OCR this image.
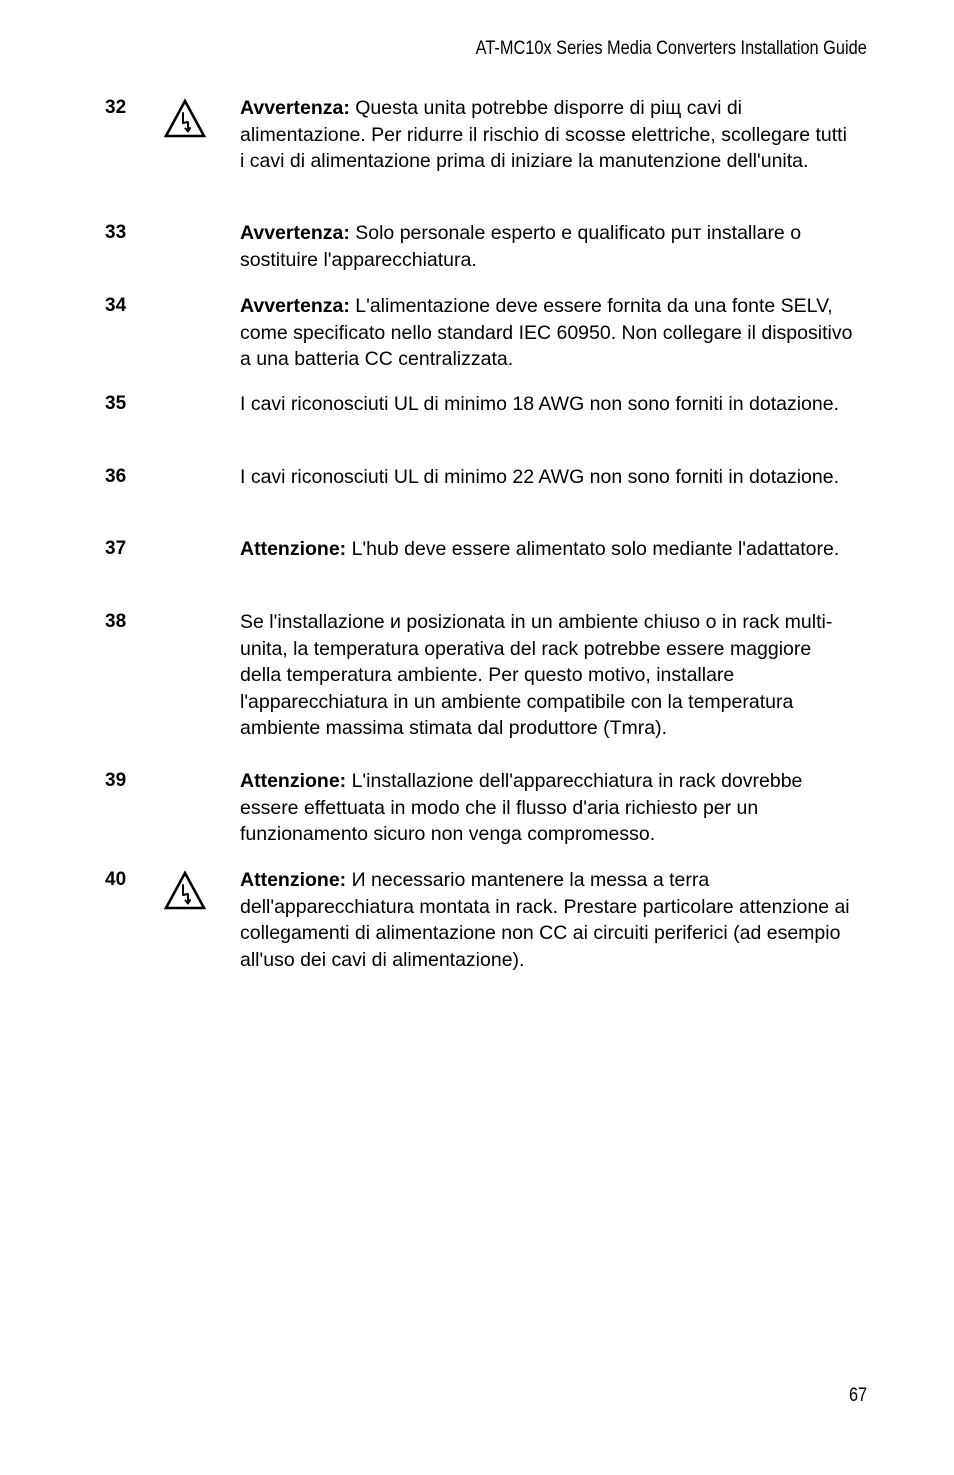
AT-MC10x Series Media Converters Installation Guide
32	Avvertenza: Questa unita potrebbe disporre di piщ cavi di alimentazione. Per ridurre il rischio di scosse elettriche, scollegare tutti i cavi di alimentazione prima di iniziare la manutenzione dell'unita.
33	Avvertenza: Solo personale esperto e qualificato puт installare o sostituire l'apparecchiatura.
34	Avvertenza: L'alimentazione deve essere fornita da una fonte SELV, come specificato nello standard IEC 60950. Non collegare il dispositivo a una batteria CC centralizzata.
35	I cavi riconosciuti UL di minimo 18 AWG non sono forniti in dotazione.
36	I cavi riconosciuti UL di minimo 22 AWG non sono forniti in dotazione.
37	Attenzione: L'hub deve essere alimentato solo mediante l'adattatore.
38	Se l'installazione и posizionata in un ambiente chiuso o in rack multi-unita, la temperatura operativa del rack potrebbe essere maggiore della temperatura ambiente. Per questo motivo, installare l'apparecchiatura in un ambiente compatibile con la temperatura ambiente massima stimata dal produttore (Tmra).
39	Attenzione: L'installazione dell'apparecchiatura in rack dovrebbe essere effettuata in modo che il flusso d'aria richiesto per un funzionamento sicuro non venga compromesso.
40	Attenzione: И necessario mantenere la messa a terra dell'apparecchiatura montata in rack. Prestare particolare attenzione ai collegamenti di alimentazione non CC ai circuiti periferici (ad esempio all'uso dei cavi di alimentazione).
67
